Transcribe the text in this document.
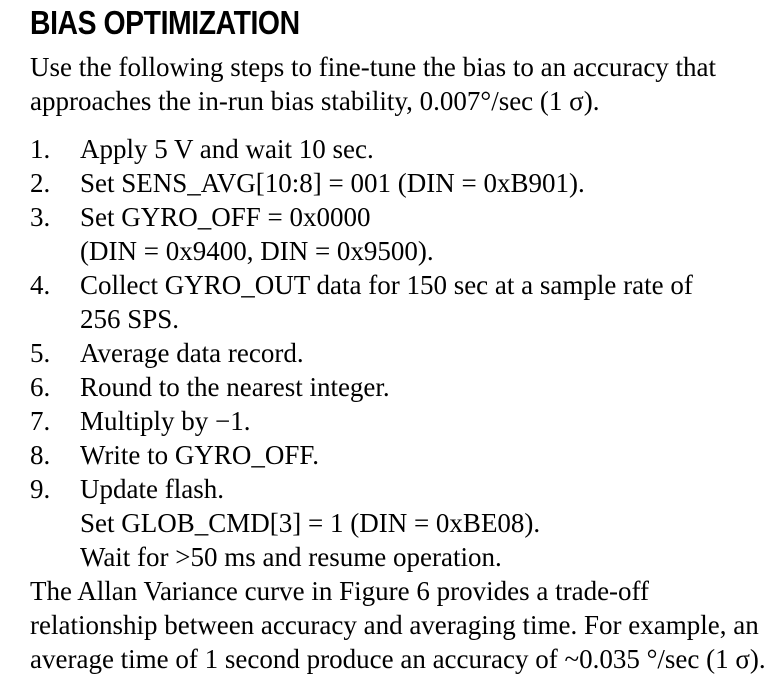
BIAS OPTIMIZATION
Use the following steps to fine-tune the bias to an accuracy that
approaches the in-run bias stability, 0.007°/sec (1 σ).
1.	Apply 5 V and wait 10 sec.
2.	Set SENS_AVG[10:8] = 001 (DIN = 0xB901).
3.	Set GYRO_OFF = 0x0000
(DIN = 0x9400, DIN = 0x9500).
4.	Collect GYRO_OUT data for 150 sec at a sample rate of
256 SPS.
5.	Average data record.
6.	Round to the nearest integer.
7.	Multiply by −1.
8.	Write to GYRO_OFF.
9.	Update flash.
Set GLOB_CMD[3] = 1 (DIN = 0xBE08).
Wait for >50 ms and resume operation.
The Allan Variance curve in Figure 6 provides a trade-off
relationship between accuracy and averaging time. For example, an
average time of 1 second produce an accuracy of ~0.035 °/sec (1 σ).
